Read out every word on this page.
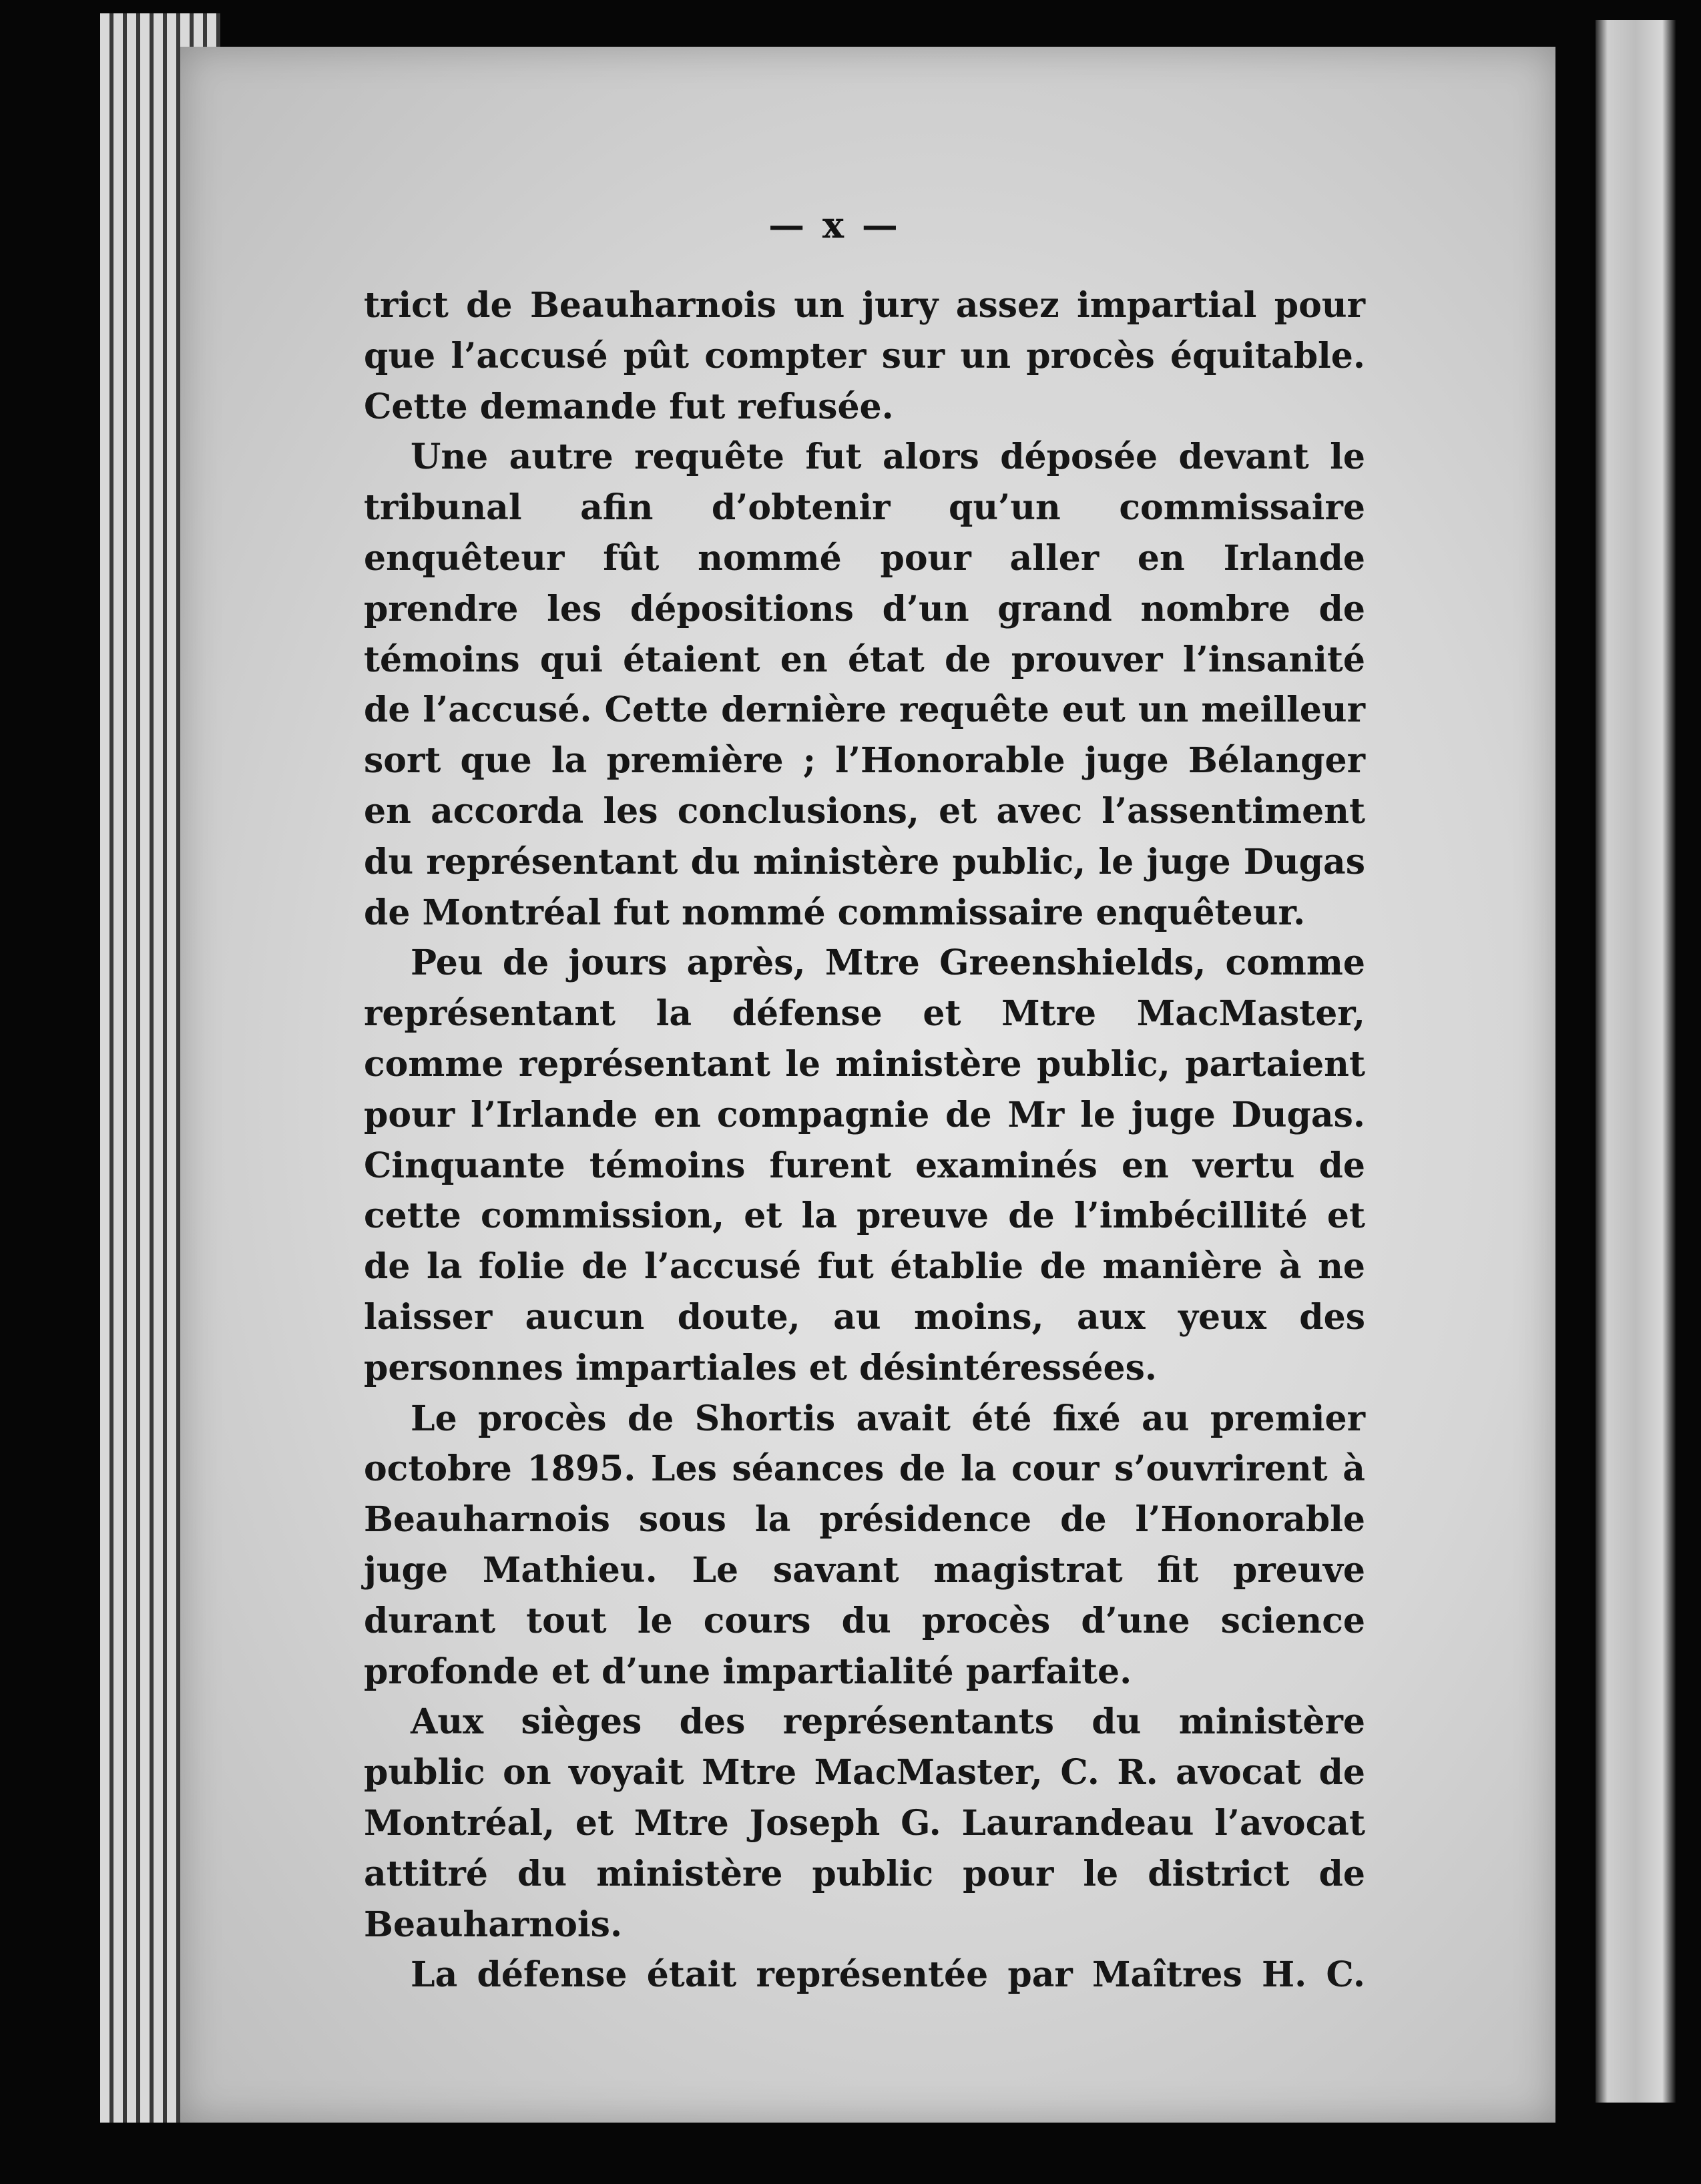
— x —

trict de Beauharnois un jury assez impartial pour que l’accusé pût compter sur un procès équitable. Cette demande fut refusée.

Une autre requête fut alors déposée devant le tribunal afin d’obtenir qu’un commissaire enquêteur fût nommé pour aller en Irlande prendre les dépositions d’un grand nombre de témoins qui étaient en état de prouver l’insanité de l’accusé. Cette dernière requête eut un meilleur sort que la première ; l’Honorable juge Bélanger en accorda les conclusions, et avec l’assentiment du représentant du ministère public, le juge Dugas de Montréal fut nommé commissaire enquêteur.

Peu de jours après, Mtre Greenshields, comme représentant la défense et Mtre MacMaster, comme représentant le ministère public, partaient pour l’Irlande en compagnie de Mr le juge Dugas. Cinquante témoins furent examinés en vertu de cette commission, et la preuve de l’imbécillité et de la folie de l’accusé fut établie de manière à ne laisser aucun doute, au moins, aux yeux des personnes impartiales et désintéressées.

Le procès de Shortis avait été fixé au premier octobre 1895. Les séances de la cour s’ouvrirent à Beauharnois sous la présidence de l’Honorable juge Mathieu. Le savant magistrat fit preuve durant tout le cours du procès d’une science profonde et d’une impartialité parfaite.

Aux sièges des représentants du ministère public on voyait Mtre MacMaster, C. R. avocat de Montréal, et Mtre Joseph G. Laurandeau l’avocat attitré du ministère public pour le district de Beauharnois.

La défense était représentée par Maîtres H. C.
